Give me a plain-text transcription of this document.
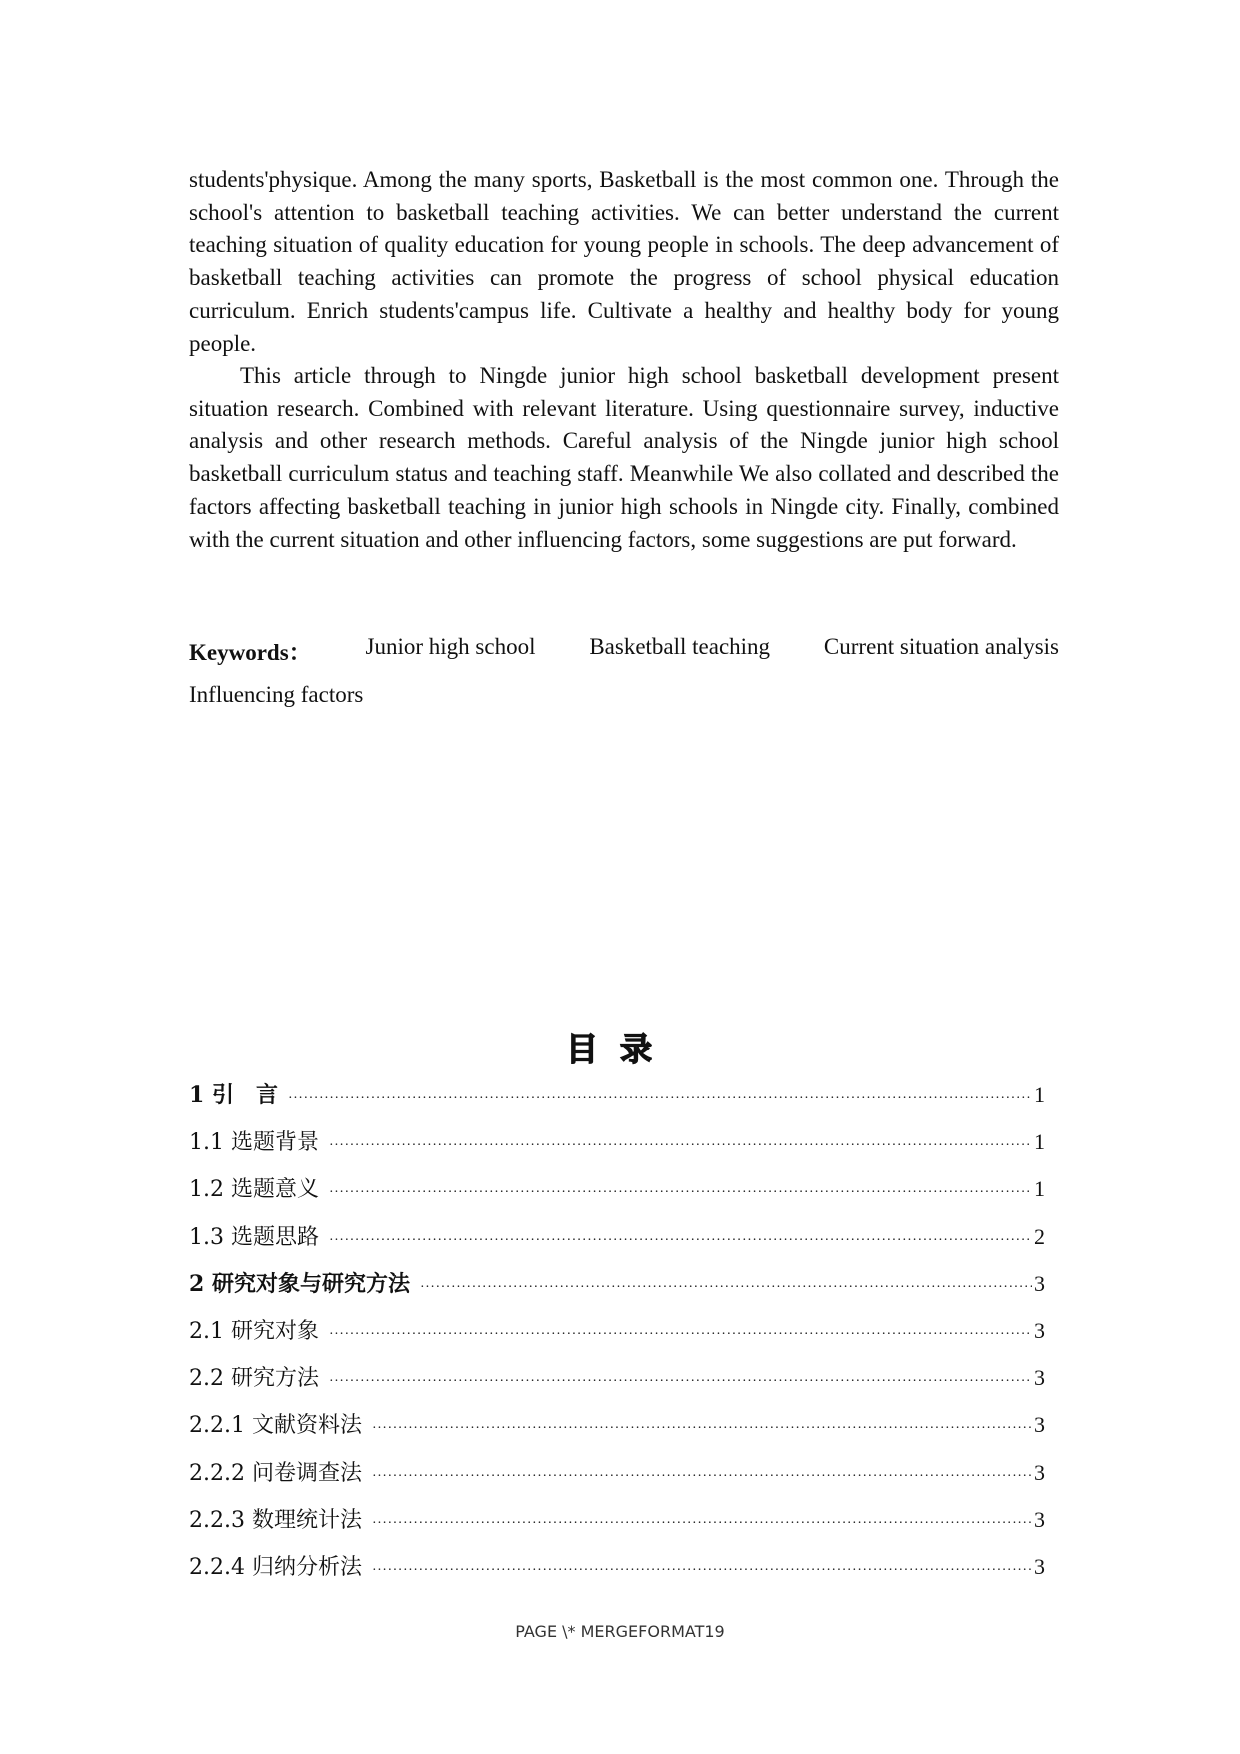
students'physique. Among the many sports, Basketball is the most common one. Through the school's attention to basketball teaching activities. We can better understand the current teaching situation of quality education for young people in schools. The deep advancement of basketball teaching activities can promote the progress of school physical education curriculum. Enrich students'campus life. Cultivate a healthy and healthy body for young people.

This article through to Ningde junior high school basketball development present situation research. Combined with relevant literature. Using questionnaire survey, inductive analysis and other research methods. Careful analysis of the Ningde junior high school basketball curriculum status and teaching staff. Meanwhile We also collated and described the factors affecting basketball teaching in junior high schools in Ningde city. Finally, combined with the current situation and other influencing factors, some suggestions are put forward.

Keywords： Junior high school Basketball teaching Current situation analysis
Influencing factors
目录
1 引　言 ·····	1
1.1 选题背景 ·····	1
1.2 选题意义 ·····	1
1.3 选题思路 ·····	2
2 研究对象与研究方法 ·····	3
2.1 研究对象 ·····	3
2.2 研究方法 ·····	3
2.2.1 文献资料法 ·····	3
2.2.2 问卷调查法 ·····	3
2.2.3 数理统计法 ·····	3
2.2.4 归纳分析法 ·····	3
PAGE \* MERGEFORMAT19
